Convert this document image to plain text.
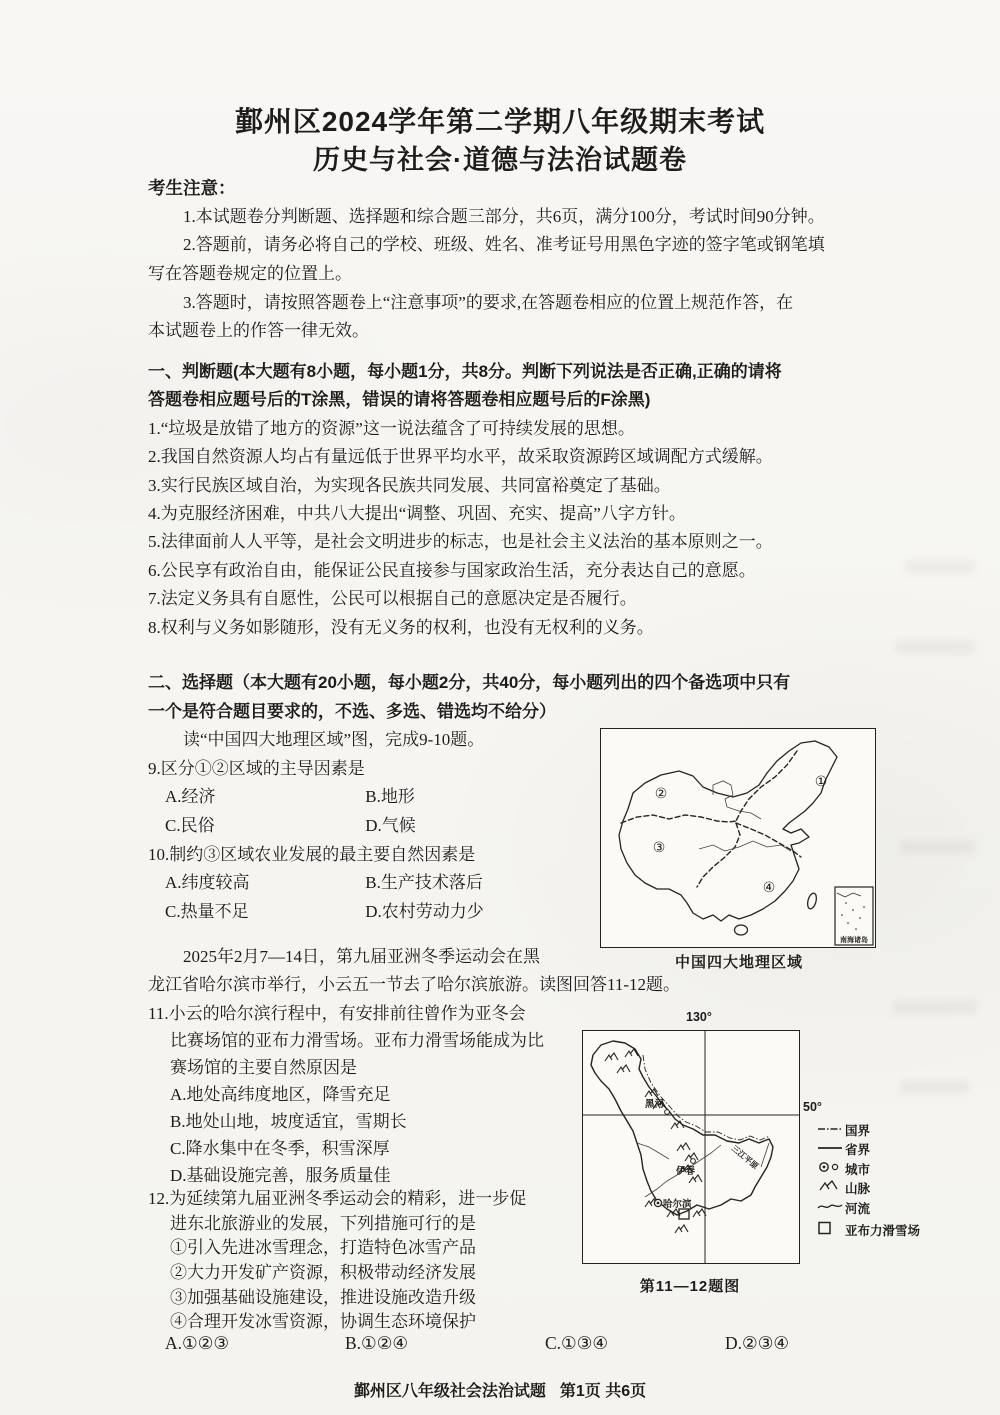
鄞州区2024学年第二学期八年级期末考试
历史与社会·道德与法治试题卷
考生注意：
1.本试题卷分判断题、选择题和综合题三部分，共6页，满分100分，考试时间90分钟。
2.答题前，请务必将自己的学校、班级、姓名、准考证号用黑色字迹的签字笔或钢笔填
写在答题卷规定的位置上。
3.答题时，请按照答题卷上“注意事项”的要求,在答题卷相应的位置上规范作答，在
本试题卷上的作答一律无效。
一、判断题(本大题有8小题，每小题1分，共8分。判断下列说法是否正确,正确的请将
答题卷相应题号后的T涂黑，错误的请将答题卷相应题号后的F涂黑)
1.“垃圾是放错了地方的资源”这一说法蕴含了可持续发展的思想。
2.我国自然资源人均占有量远低于世界平均水平，故采取资源跨区域调配方式缓解。
3.实行民族区域自治，为实现各民族共同发展、共同富裕奠定了基础。
4.为克服经济困难，中共八大提出“调整、巩固、充实、提高”八字方针。
5.法律面前人人平等，是社会文明进步的标志，也是社会主义法治的基本原则之一。
6.公民享有政治自由，能保证公民直接参与国家政治生活，充分表达自己的意愿。
7.法定义务具有自愿性，公民可以根据自己的意愿决定是否履行。
8.权利与义务如影随形，没有无义务的权利，也没有无权利的义务。
二、选择题（本大题有20小题，每小题2分，共40分，每小题列出的四个备选项中只有
一个是符合题目要求的，不选、多选、错选均不给分）
读“中国四大地理区域”图，完成9-10题。
9.区分①②区域的主导因素是
A.经济	B.地形
C.民俗	D.气候
10.制约③区域农业发展的最主要自然因素是
A.纬度较高	B.生产技术落后
C.热量不足	D.农村劳动力少
2025年2月7—14日，第九届亚洲冬季运动会在黑
龙江省哈尔滨市举行，小云五一节去了哈尔滨旅游。读图回答11-12题。
11.小云的哈尔滨行程中，有安排前往曾作为亚冬会
比赛场馆的亚布力滑雪场。亚布力滑雪场能成为比
赛场馆的主要自然原因是
A.地处高纬度地区，降雪充足
B.地处山地，坡度适宜，雪期长
C.降水集中在冬季，积雪深厚
D.基础设施完善，服务质量佳
12.为延续第九届亚洲冬季运动会的精彩，进一步促
进东北旅游业的发展，下列措施可行的是
①引入先进冰雪理念，打造特色冰雪产品
②大力开发矿产资源，积极带动经济发展
③加强基础设施建设，推进设施改造升级
④合理开发冰雪资源，协调生态环境保护
A.①②③	B.①②④	C.①③④	D.②③④
①
②
③
④
南海诸岛
中国四大地理区域
黑河
伊春
哈尔滨
三江平原
第11—12题图
130°
50°
国界
省界
城市
山脉
河流
亚布力滑雪场
鄞州区八年级社会法治试题 第1页 共6页
